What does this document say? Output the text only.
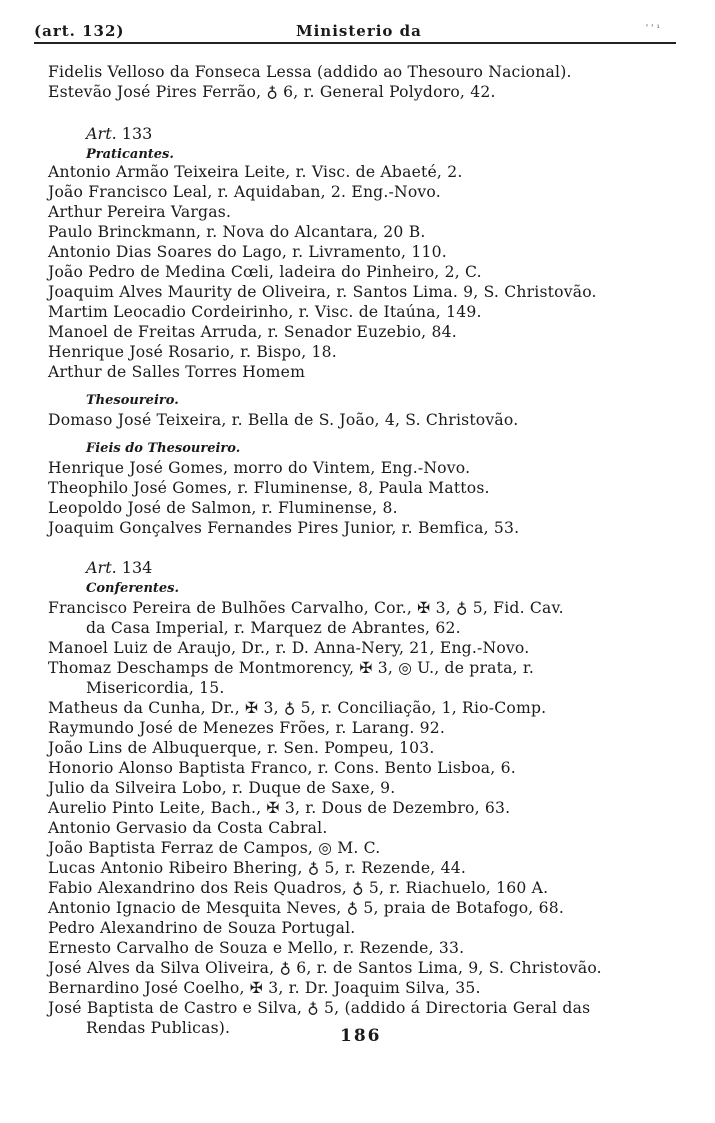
(art. 132)	Ministerio da	' ' ¹
Fidelis Velloso da Fonseca Lessa (addido ao Thesouro Nacional).
Estevão José Pires Ferrão, ♁ 6, r. General Polydoro, 42.
Art. 133
Praticantes.
Antonio Armão Teixeira Leite, r. Visc. de Abaeté, 2.
João Francisco Leal, r. Aquidaban, 2. Eng.-Novo.
Arthur Pereira Vargas.
Paulo Brinckmann, r. Nova do Alcantara, 20 B.
Antonio Dias Soares do Lago, r. Livramento, 110.
João Pedro de Medina Cœli, ladeira do Pinheiro, 2, C.
Joaquim Alves Maurity de Oliveira, r. Santos Lima. 9, S. Christovão.
Martim Leocadio Cordeirinho, r. Visc. de Itaúna, 149.
Manoel de Freitas Arruda, r. Senador Euzebio, 84.
Henrique José Rosario, r. Bispo, 18.
Arthur de Salles Torres Homem
Thesoureiro.
Domaso José Teixeira, r. Bella de S. João, 4, S. Christovão.
Fieis do Thesoureiro.
Henrique José Gomes, morro do Vintem, Eng.-Novo.
Theophilo José Gomes, r. Fluminense, 8, Paula Mattos.
Leopoldo José de Salmon, r. Fluminense, 8.
Joaquim Gonçalves Fernandes Pires Junior, r. Bemfica, 53.
Art. 134
Conferentes.
Francisco Pereira de Bulhões Carvalho, Cor., ✠ 3, ♁ 5, Fid. Cav.
da Casa Imperial, r. Marquez de Abrantes, 62.
Manoel Luiz de Araujo, Dr., r. D. Anna-Nery, 21, Eng.-Novo.
Thomaz Deschamps de Montmorency, ✠ 3, ◎ U., de prata, r.
Misericordia, 15.
Matheus da Cunha, Dr., ✠ 3, ♁ 5, r. Conciliação, 1, Rio-Comp.
Raymundo José de Menezes Frões, r. Larang. 92.
João Lins de Albuquerque, r. Sen. Pompeu, 103.
Honorio Alonso Baptista Franco, r. Cons. Bento Lisboa, 6.
Julio da Silveira Lobo, r. Duque de Saxe, 9.
Aurelio Pinto Leite, Bach., ✠ 3, r. Dous de Dezembro, 63.
Antonio Gervasio da Costa Cabral.
João Baptista Ferraz de Campos, ◎ M. C.
Lucas Antonio Ribeiro Bhering, ♁ 5, r. Rezende, 44.
Fabio Alexandrino dos Reis Quadros, ♁ 5, r. Riachuelo, 160 A.
Antonio Ignacio de Mesquita Neves, ♁ 5, praia de Botafogo, 68.
Pedro Alexandrino de Souza Portugal.
Ernesto Carvalho de Souza e Mello, r. Rezende, 33.
José Alves da Silva Oliveira, ♁ 6, r. de Santos Lima, 9, S. Christovão.
Bernardino José Coelho, ✠ 3, r. Dr. Joaquim Silva, 35.
José Baptista de Castro e Silva, ♁ 5, (addido á Directoria Geral das
Rendas Publicas).	186
